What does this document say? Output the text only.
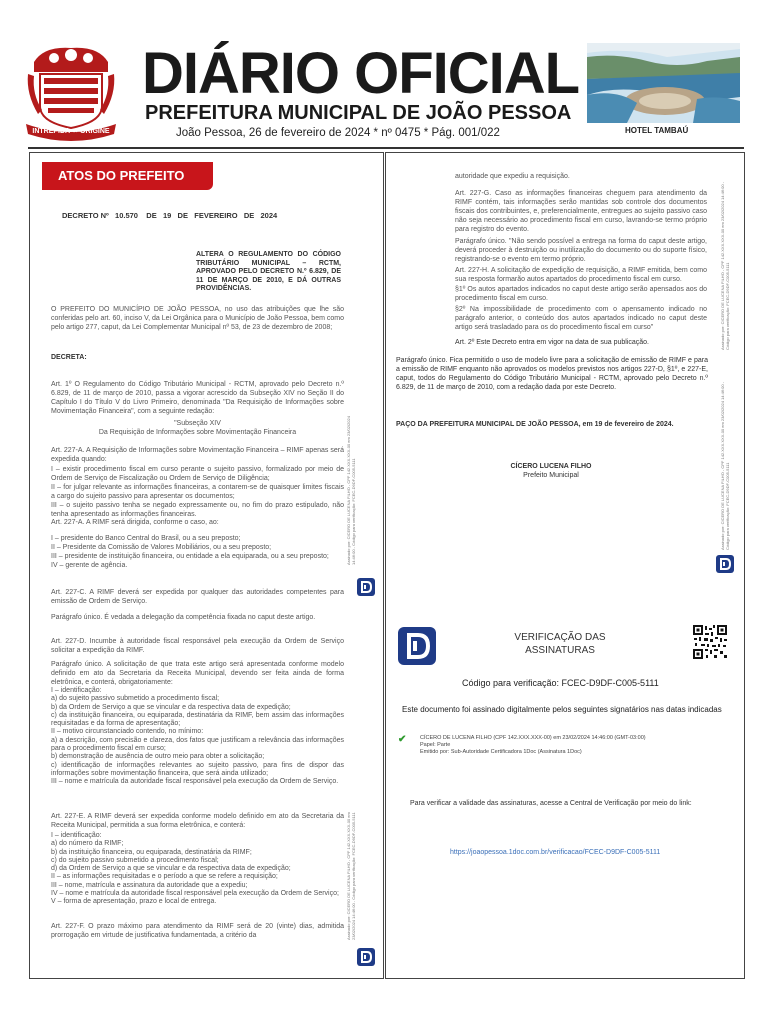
INTREPIDA ☙ ORIGINE
DIÁRIO OFICIAL
PREFEITURA MUNICIPAL DE JOÃO PESSOA
João Pessoa, 26 de fevereiro de 2024 * nº 0475 * Pág. 001/022	HOTEL TAMBAÚ
ATOS DO PREFEITO
DECRETO Nº   10.570    DE   19   DE   FEVEREIRO   DE   2024
ALTERA O REGULAMENTO DO CÓDIGO TRIBUTÁRIO MUNICIPAL – RCTM, APROVADO PELO DECRETO N.º 6.829, DE 11 DE MARÇO DE 2010, E DÁ OUTRAS PROVIDÊNCIAS.
O PREFEITO DO MUNICÍPIO DE JOÃO PESSOA, no uso das atribuições que lhe são conferidas pelo art. 60, inciso V, da Lei Orgânica para o Município de João Pessoa, bem como pelo artigo 277, caput, da Lei Complementar Municipal nº 53, de 23 de dezembro de 2008;
DECRETA:
Art. 1º O Regulamento do Código Tributário Municipal - RCTM, aprovado pelo Decreto n.º 6.829, de 11 de março de 2010, passa a vigorar acrescido da Subseção XIV no Seção II do Capítulo I do Título V do Livro Primeiro, denominada "Da Requisição de Informações sobre Movimentação Financeira", com a seguinte redação:
"Subseção XIV
Da Requisição de Informações sobre Movimentação Financeira
Art. 227-A. A Requisição de Informações sobre Movimentação Financeira – RIMF apenas será expedida quando:
I – existir procedimento fiscal em curso perante o sujeito passivo, formalizado por meio de Ordem de Serviço de Fiscalização ou Ordem de Serviço de Diligência;
II – for julgar relevante as informações financeiras, a contarem-se de quaisquer limites fiscais a cargo do sujeito passivo para apresentar os documentos;
III – o sujeito passivo tenha se negado expressamente ou, no fim do prazo estipulado, não tenha apresentado as informações financeiras.
Art. 227-A. A RIMF será dirigida, conforme o caso, ao:
I – presidente do Banco Central do Brasil, ou a seu preposto;
II – Presidente da Comissão de Valores Mobiliários, ou a seu preposto;
III – presidente de instituição financeira, ou entidade a ela equiparada, ou a seu preposto;
IV – gerente de agência.
Art. 227-C. A RIMF deverá ser expedida por qualquer das autoridades competentes para emissão de Ordem de Serviço.
Parágrafo único. É vedada a delegação da competência fixada no caput deste artigo.
Art. 227-D. Incumbe à autoridade fiscal responsável pela execução da Ordem de Serviço solicitar a expedição da RIMF.
Parágrafo único. A solicitação de que trata este artigo será apresentada conforme modelo definido em ato da Secretaria da Receita Municipal, devendo ser feita ainda de forma eletrônica, e conterá, obrigatoriamente:
I – identificação:
a) do sujeito passivo submetido a procedimento fiscal;
b) da Ordem de Serviço a que se vincular e da respectiva data de expedição;
c) da instituição financeira, ou equiparada, destinatária da RIMF, bem assim das informações requisitadas e da forma de apresentação;
II – motivo circunstanciado contendo, no mínimo:
a) a descrição, com precisão e clareza, dos fatos que justificam a relevância das informações para o procedimento fiscal em curso;
b) demonstração de ausência de outro meio para obter a solicitação;
c) identificação de informações relevantes ao sujeito passivo, para fins de dispor das informações sobre movimentação financeira, que será ainda utilizado;
III – nome e matrícula da autoridade fiscal responsável pela execução da Ordem de Serviço.
Art. 227-E. A RIMF deverá ser expedida conforme modelo definido em ato da Secretaria da Receita Municipal, permitida a sua forma eletrônica, e conterá:
I – identificação:
a) do número da RIMF;
b) da instituição financeira, ou equiparada, destinatária da RIMF;
c) do sujeito passivo submetido a procedimento fiscal;
d) da Ordem de Serviço a que se vincular e da respectiva data de expedição;
II – as informações requisitadas e o período a que se refere a requisição;
III – nome, matrícula e assinatura da autoridade que a expediu;
IV – nome e matrícula da autoridade fiscal responsável pela execução da Ordem de Serviço;
V – forma de apresentação, prazo e local de entrega.
Art. 227-F. O prazo máximo para atendimento da RIMF será de 20 (vinte) dias, admitida prorrogação em virtude de justificativa fundamentada, a critério da
Assinado por: CICERO DE LUCENA FILHO - CPF 142.XXX.XXX-00 em 23/02/2024 14:46:00 - Código para verificação: FCEC-D9DF-C005-5111
Assinado por: CICERO DE LUCENA FILHO - CPF 142.XXX.XXX-00 em 23/02/2024 14:46:00 - Código para verificação: FCEC-D9DF-C005-5111
autoridade que expediu a requisição.
Art. 227-G. Caso as informações financeiras cheguem para atendimento da RIMF contém, tais informações serão mantidas sob controle dos documentos fiscais dos contribuintes, e, preferencialmente, entregues ao sujeito passivo caso não seja necessário ao procedimento fiscal em curso, lavrando-se termo próprio para registro do evento.
Parágrafo único. "Não sendo possível a entrega na forma do caput deste artigo, deverá proceder à destruição ou inutilização do documento ou do suporte físico, registrando-se o evento em termo próprio.
Art. 227-H. A solicitação de expedição de requisição, a RIMF emitida, bem como sua resposta formarão autos apartados do procedimento fiscal em curso.
§1º Os autos apartados indicados no caput deste artigo serão apensados aos do procedimento fiscal em curso.
§2º Na impossibilidade de procedimento com o apensamento indicado no parágrafo anterior, o conteúdo dos autos apartados indicado no caput deste artigo será trasladado para os do procedimento fiscal em curso"
Art. 2º Este Decreto entra em vigor na data de sua publicação.
Parágrafo único. Fica permitido o uso de modelo livre para a solicitação de emissão de RIMF e para a emissão de RIMF enquanto não aprovados os modelos previstos nos artigos 227-D, §1º, e 227-E, caput, todos do Regulamento do Código Tributário Municipal - RCTM, aprovado pelo Decreto n.º 6.829, de 11 de março de 2010, com a redação dada por este Decreto.
PAÇO DA PREFEITURA MUNICIPAL DE JOÃO PESSOA, em 19 de fevereiro de 2024.
CÍCERO LUCENA FILHO
Prefeito Municipal
Assinado por: CICERO DE LUCENA FILHO - CPF 142.XXX.XXX-00 em 23/02/2024 14:46:00 - Código para verificação: FCEC-D9DF-C005-5111
Assinado por: CICERO DE LUCENA FILHO - CPF 142.XXX.XXX-00 em 23/02/2024 14:46:00 - Código para verificação: FCEC-D9DF-C005-5111
VERIFICAÇÃO DAS ASSINATURAS
Código para verificação: FCEC-D9DF-C005-5111
Este documento foi assinado digitalmente pelos seguintes signatários nas datas indicadas
✔ CÍCERO DE LUCENA FILHO (CPF 142.XXX.XXX-00) em 23/02/2024 14:46:00 (GMT-03:00)
Papel: Parte
Emitido por: Sub-Autoridade Certificadora 1Doc (Assinatura 1Doc)
Para verificar a validade das assinaturas, acesse a Central de Verificação por meio do link:
https://joaopessoa.1doc.com.br/verificacao/FCEC-D9DF-C005-5111
